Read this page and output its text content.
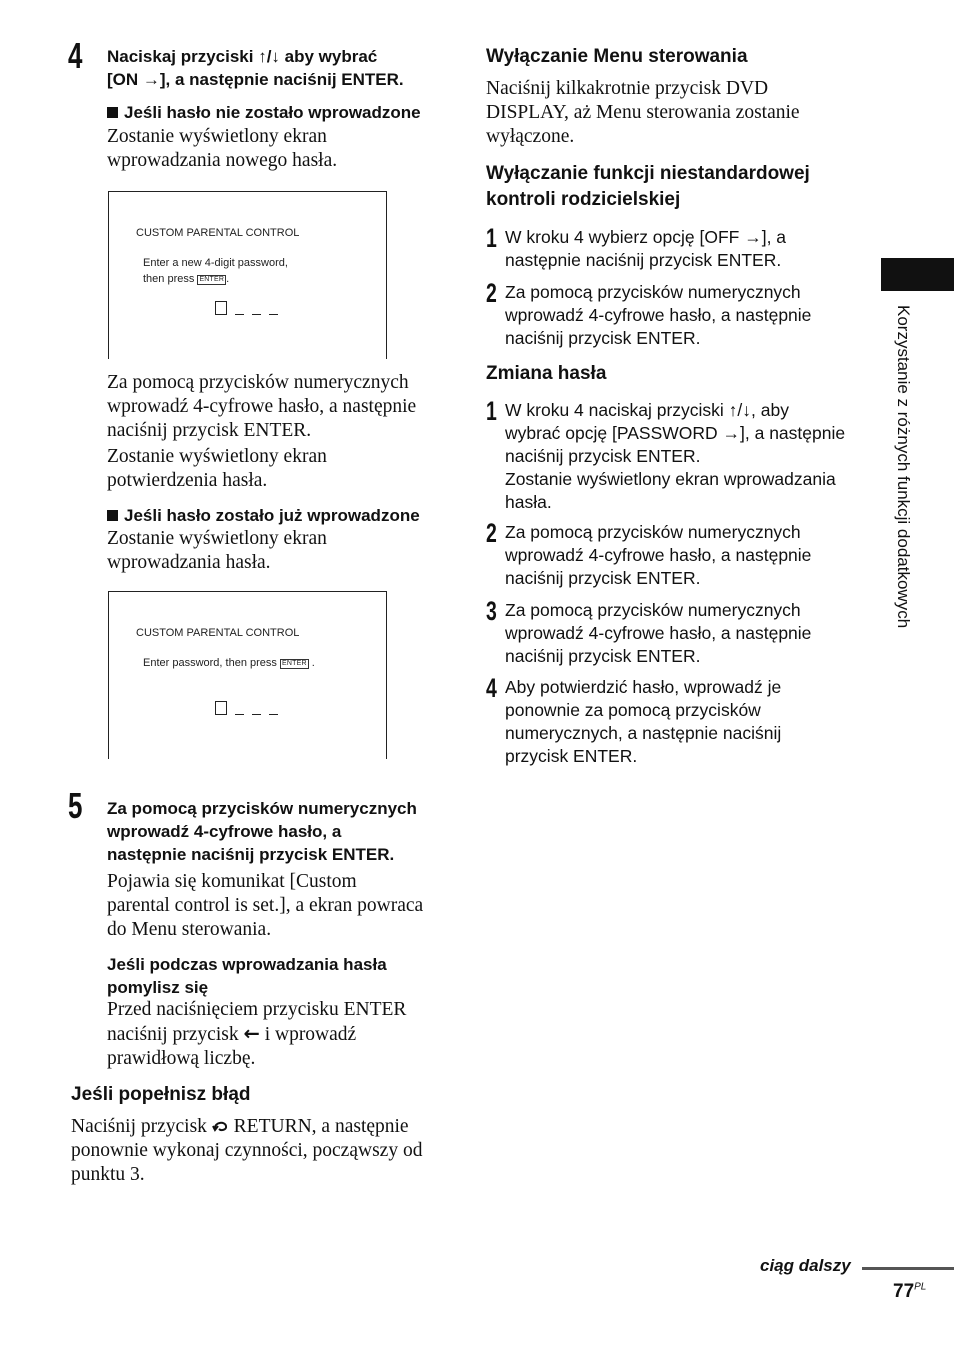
4 Naciskaj przyciski ↑/↓ aby wybrać
[ON →], a następnie naciśnij ENTER.

Jeśli hasło nie zostało wprowadzone

Zostanie wyświetlony ekran
wprowadzania nowego hasła.

CUSTOM PARENTAL CONTROL
Enter a new 4-digit password,
then press ENTER .

Za pomocą przycisków numerycznych
wprowadź 4-cyfrowe hasło, a następnie
naciśnij przycisk ENTER.

Zostanie wyświetlony ekran
potwierdzenia hasła.

Jeśli hasło zostało już wprowadzone

Zostanie wyświetlony ekran
wprowadzania hasła.

CUSTOM PARENTAL CONTROL
Enter password, then press ENTER .
5 Za pomocą przycisków numerycznych
wprowadź 4-cyfrowe hasło, a
następnie naciśnij przycisk ENTER.

Pojawia się komunikat [Custom
parental control is set.], a ekran powraca
do Menu sterowania.

Jeśli podczas wprowadzania hasła
pomylisz się

Przed naciśnięciem przycisku ENTER
naciśnij przycisk ← i wprowadź
prawidłową liczbę.
Jeśli popełnisz błąd
Naciśnij przycisk  RETURN, a następnie
ponownie wykonaj czynności, począwszy od
punktu 3.
Wyłączanie Menu sterowania

Naciśnij kilkakrotnie przycisk DVD
DISPLAY, aż Menu sterowania zostanie
wyłączone.

Wyłączanie funkcji niestandardowej
kontroli rodzicielskiej

1 W kroku 4 wybierz opcję [OFF →], a
następnie naciśnij przycisk ENTER.

2 Za pomocą przycisków numerycznych
wprowadź 4-cyfrowe hasło, a następnie
naciśnij przycisk ENTER.

Zmiana hasła
1 W kroku 4 naciskaj przyciski ↑/↓, aby
wybrać opcję [PASSWORD →], a następnie
naciśnij przycisk ENTER.
Zostanie wyświetlony ekran wprowadzania
hasła.

2 Za pomocą przycisków numerycznych
wprowadź 4-cyfrowe hasło, a następnie
naciśnij przycisk ENTER.

3 Za pomocą przycisków numerycznych
wprowadź 4-cyfrowe hasło, a następnie
naciśnij przycisk ENTER.

4 Aby potwierdzić hasło, wprowadź je
ponownie za pomocą przycisków
numerycznych, a następnie naciśnij
przycisk ENTER.

Korzystanie z różnych funkcji dodatkowych
ciąg dalszy
$77^{PL}$
